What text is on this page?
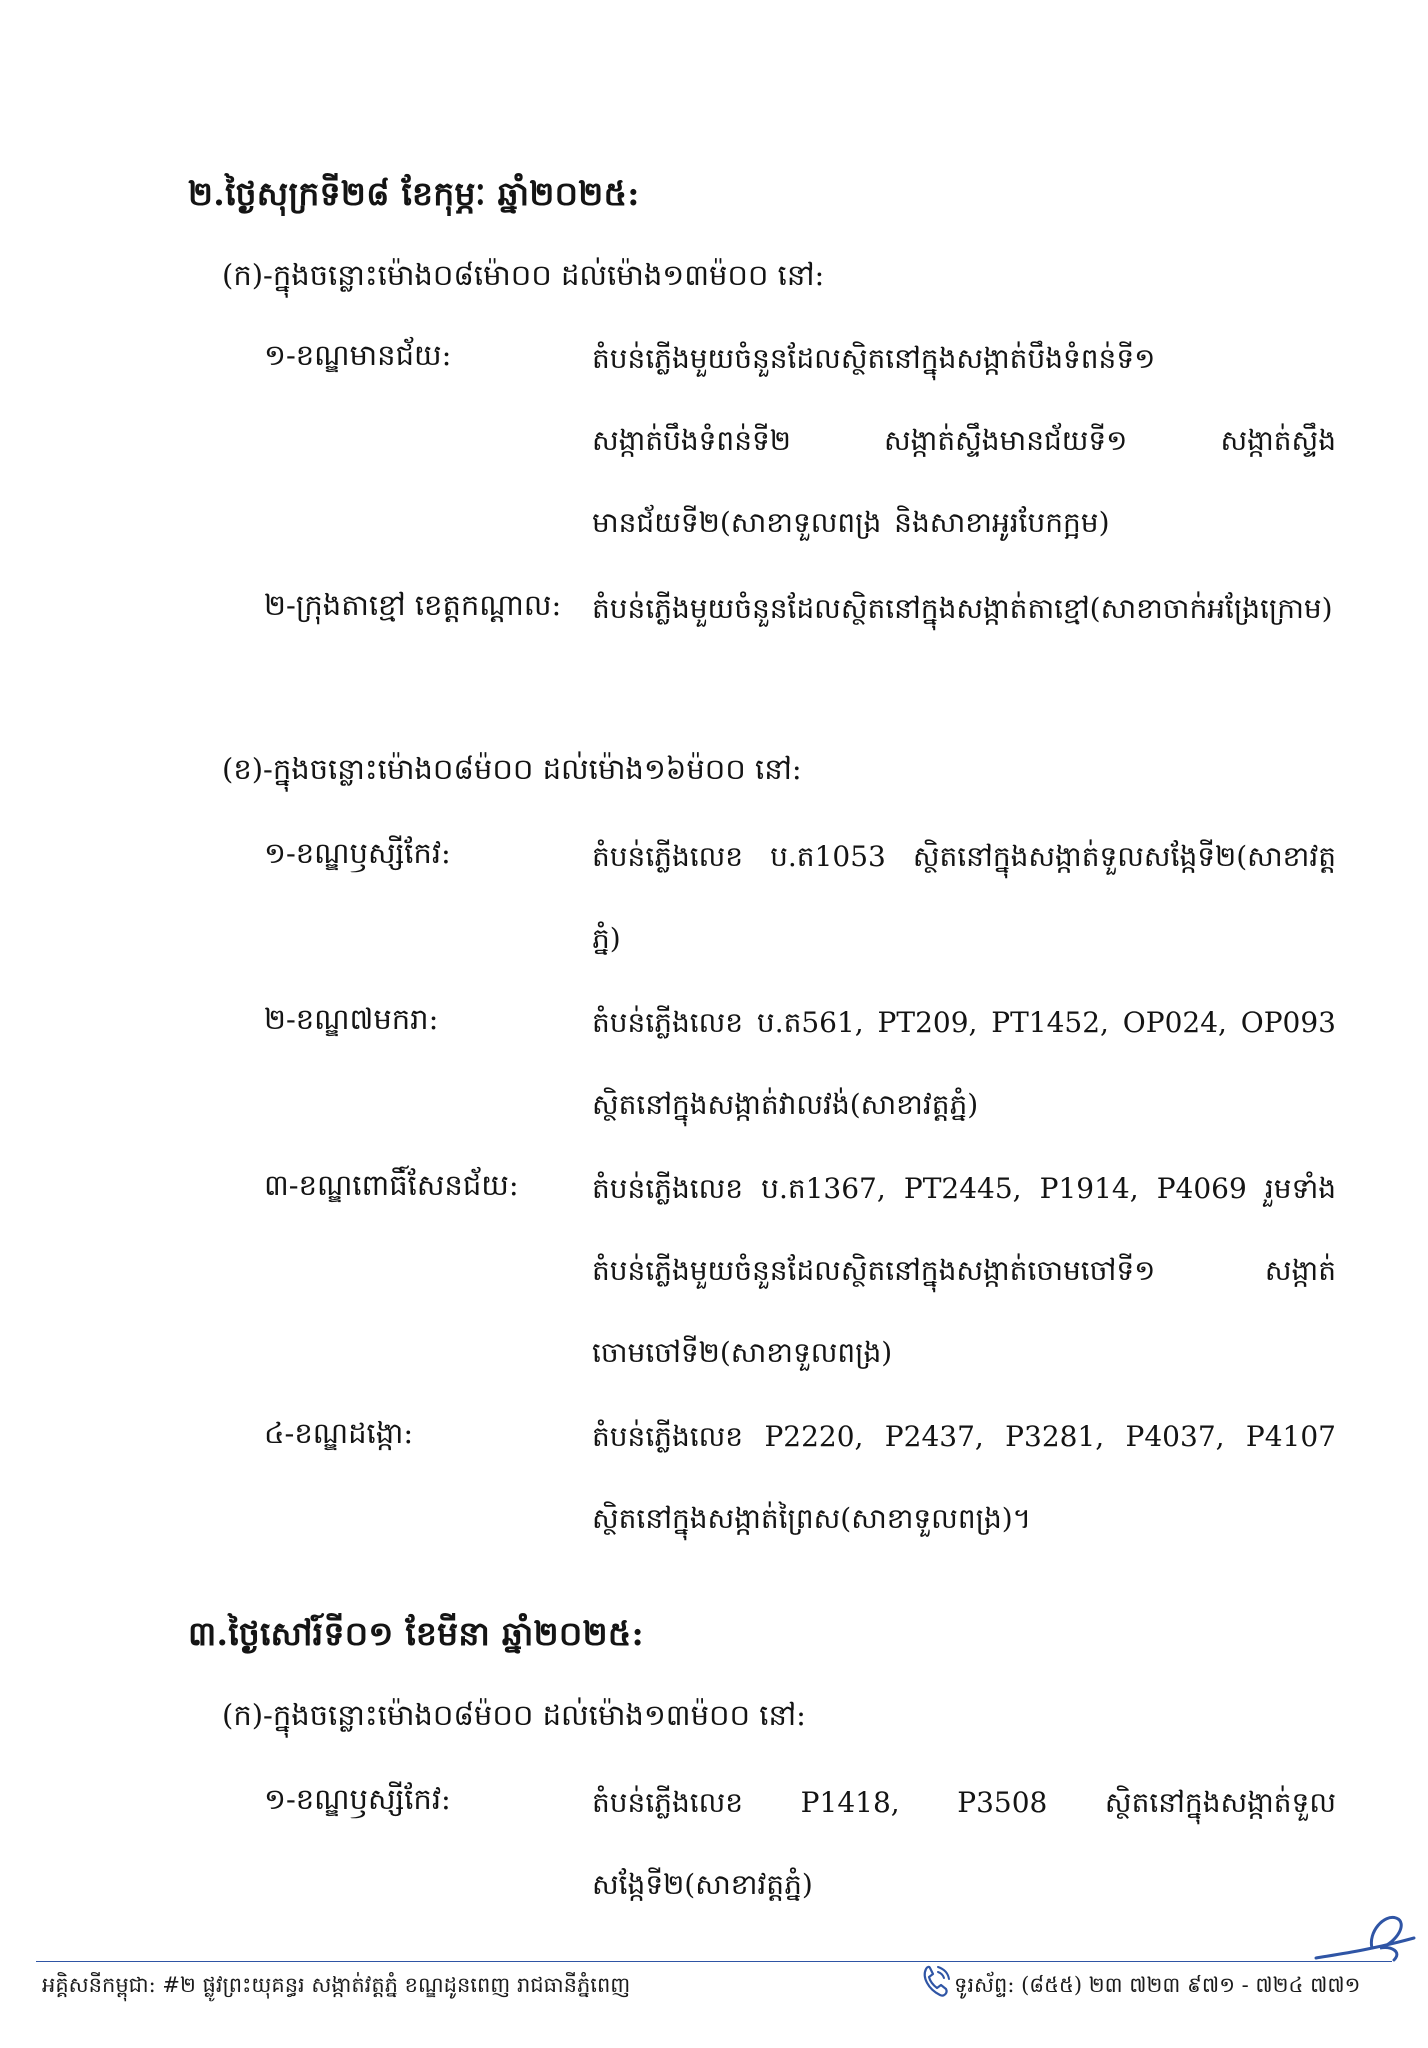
២.ថ្ងៃសុក្រទី២៨ ខែកុម្ភៈ ឆ្នាំ២០២៥:
(ក)-ក្នុងចន្លោះម៉ោង០៨ម៉ោ០០ ដល់ម៉ោង១៣ម៉០០ នៅ:
១-ខណ្ឌមានជ័យ:	តំបន់ភ្លើងមួយចំនួនដែលស្ថិតនៅក្នុងសង្កាត់បឹងទំពន់ទី១ សង្កាត់បឹងទំពន់ទី២ សង្កាត់ស្ទឹងមានជ័យទី១ សង្កាត់ស្ទឹងមានជ័យទី២(សាខាទួលពង្រ និងសាខាអូរបែកក្អម)
២-ក្រុងតាខ្មៅ ខេត្តកណ្តាល: តំបន់ភ្លើងមួយចំនួនដែលស្ថិតនៅក្នុងសង្កាត់តាខ្មៅ(សាខាចាក់អង្រែក្រោម)
(ខ)-ក្នុងចន្លោះម៉ោង០៨ម៉០០ ដល់ម៉ោង១៦ម៉០០ នៅ:
១-ខណ្ឌឫស្សីកែវ:	តំបន់ភ្លើងលេខ ប.ត1053 ស្ថិតនៅក្នុងសង្កាត់ទួលសង្កែទី២(សាខាវត្តភ្នំ)
២-ខណ្ឌ៧មករា:	តំបន់ភ្លើងលេខ ប.ត561, PT209, PT1452, OP024, OP093 ស្ថិតនៅក្នុងសង្កាត់វាលវង់(សាខាវត្តភ្នំ)
៣-ខណ្ឌពោធិ៍សែនជ័យ:	តំបន់ភ្លើងលេខ ប.ត1367, PT2445, P1914, P4069 រួមទាំងតំបន់ភ្លើងមួយចំនួនដែលស្ថិតនៅក្នុងសង្កាត់ចោមចៅទី១ សង្កាត់ចោមចៅទី២(សាខាទួលពង្រ)
៤-ខណ្ឌដង្កោ:	តំបន់ភ្លើងលេខ P2220, P2437, P3281, P4037, P4107 ស្ថិតនៅក្នុងសង្កាត់ព្រៃស(សាខាទួលពង្រ)។
៣.ថ្ងៃសៅរ៍ទី០១ ខែមីនា ឆ្នាំ២០២៥:
(ក)-ក្នុងចន្លោះម៉ោង០៨ម៉០០ ដល់ម៉ោង១៣ម៉០០ នៅ:
១-ខណ្ឌឫស្សីកែវ:	តំបន់ភ្លើងលេខ P1418, P3508 ស្ថិតនៅក្នុងសង្កាត់ទួលសង្កែទី២(សាខាវត្តភ្នំ)
អគ្គិសនីកម្ពុជា: #២ ផ្លូវព្រះយុគន្ធរ សង្កាត់វត្តភ្នំ ខណ្ឌដូនពេញ រាជធានីភ្នំពេញ	ទូរស័ព្ទ: (៨៥៥) ២៣ ៧២៣ ៩៧១ - ៧២៤ ៧៧១
